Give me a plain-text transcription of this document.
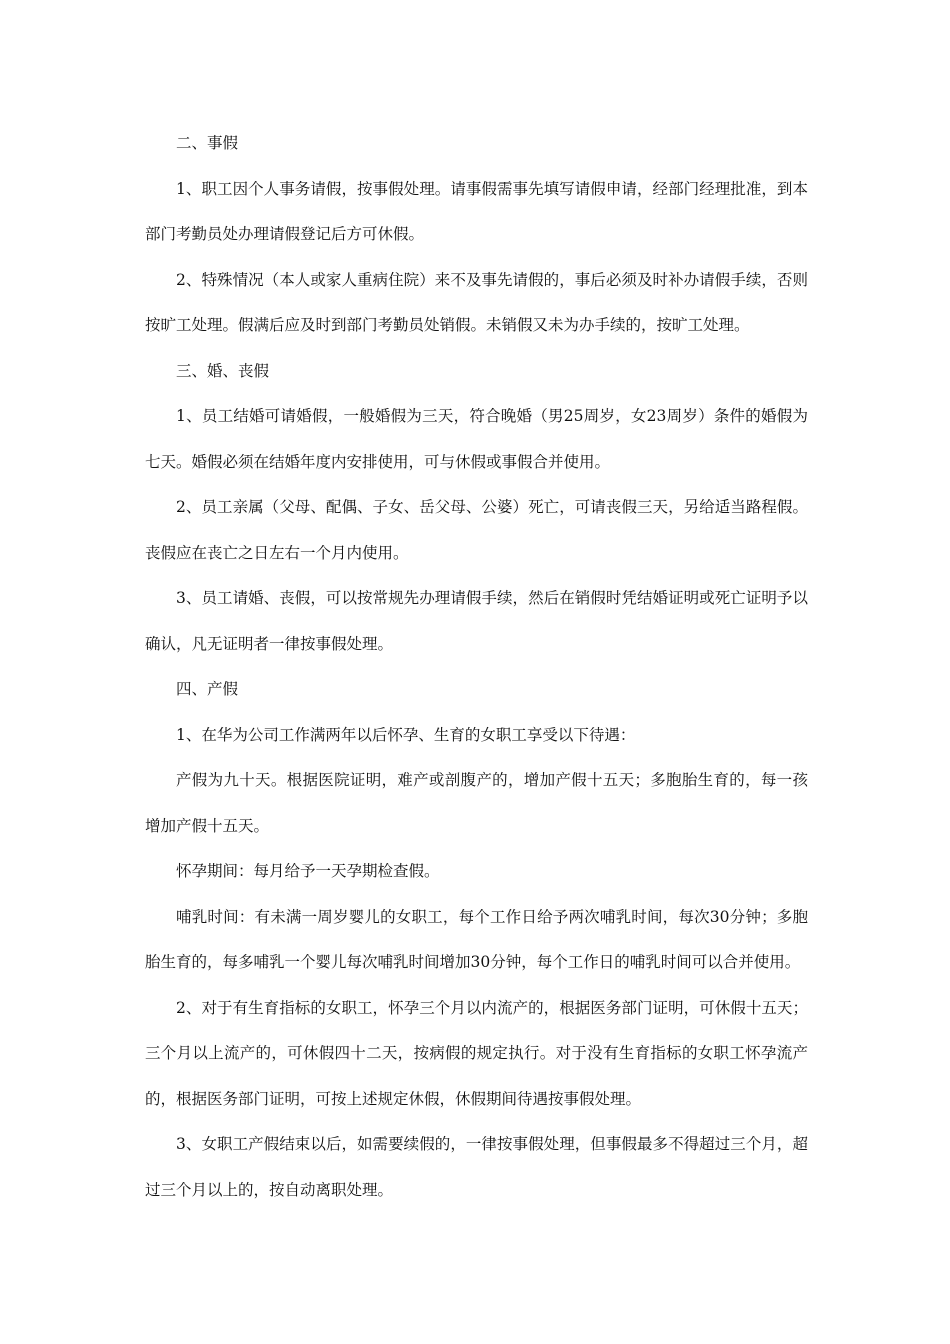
二、事假

1、职工因个人事务请假，按事假处理。请事假需事先填写请假申请，经部门经理批准，到本部门考勤员处办理请假登记后方可休假。

2、特殊情况（本人或家人重病住院）来不及事先请假的，事后必须及时补办请假手续，否则按旷工处理。假满后应及时到部门考勤员处销假。未销假又未为办手续的，按旷工处理。

三、婚、丧假

1、员工结婚可请婚假，一般婚假为三天，符合晚婚（男25周岁，女23周岁）条件的婚假为七天。婚假必须在结婚年度内安排使用，可与休假或事假合并使用。

2、员工亲属（父母、配偶、子女、岳父母、公婆）死亡，可请丧假三天，另给适当路程假。丧假应在丧亡之日左右一个月内使用。

3、员工请婚、丧假，可以按常规先办理请假手续，然后在销假时凭结婚证明或死亡证明予以确认，凡无证明者一律按事假处理。

四、产假

1、在华为公司工作满两年以后怀孕、生育的女职工享受以下待遇：

产假为九十天。根据医院证明，难产或剖腹产的，增加产假十五天；多胞胎生育的，每一孩增加产假十五天。

怀孕期间：每月给予一天孕期检查假。

哺乳时间：有未满一周岁婴儿的女职工，每个工作日给予两次哺乳时间，每次30分钟；多胞胎生育的，每多哺乳一个婴儿每次哺乳时间增加30分钟，每个工作日的哺乳时间可以合并使用。

2、对于有生育指标的女职工，怀孕三个月以内流产的，根据医务部门证明，可休假十五天；三个月以上流产的，可休假四十二天，按病假的规定执行。对于没有生育指标的女职工怀孕流产的，根据医务部门证明，可按上述规定休假，休假期间待遇按事假处理。

3、女职工产假结束以后，如需要续假的，一律按事假处理，但事假最多不得超过三个月，超过三个月以上的，按自动离职处理。
